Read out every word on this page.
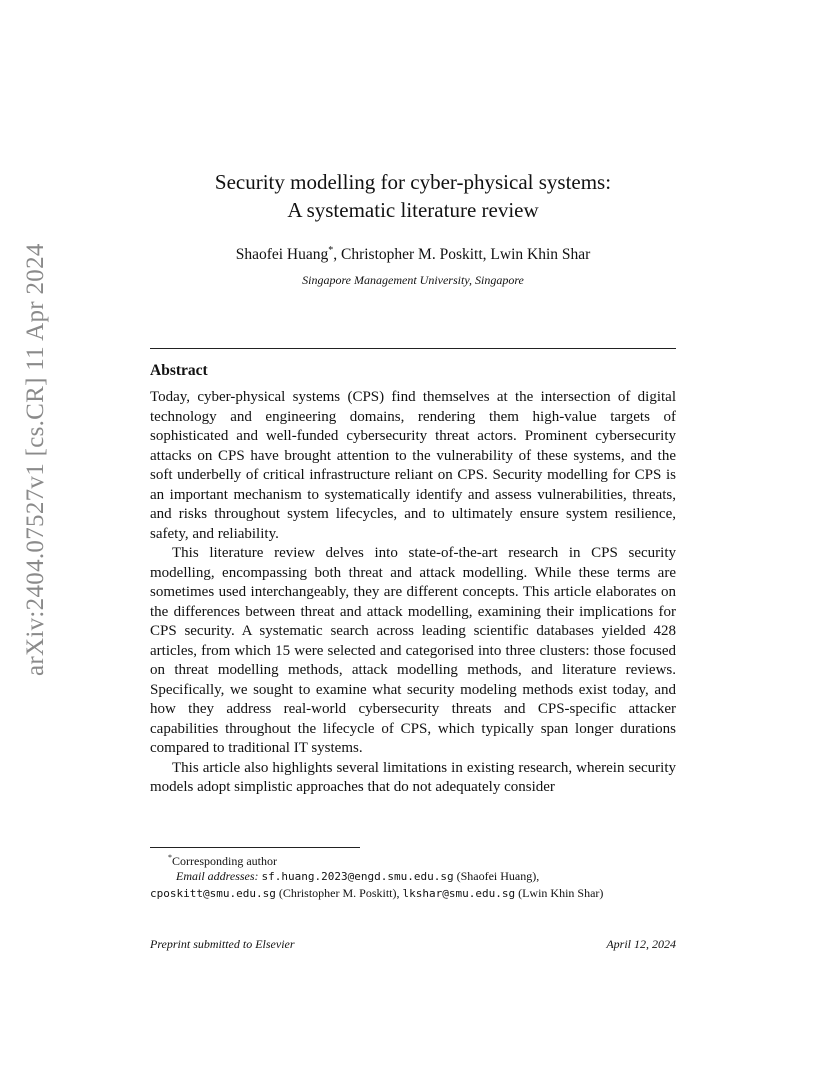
arXiv:2404.07527v1 [cs.CR] 11 Apr 2024
Security modelling for cyber-physical systems:
A systematic literature review
Shaofei Huang*, Christopher M. Poskitt, Lwin Khin Shar
Singapore Management University, Singapore
Abstract

Today, cyber-physical systems (CPS) find themselves at the intersection of digital technology and engineering domains, rendering them high-value targets of sophisticated and well-funded cybersecurity threat actors. Prominent cybersecurity attacks on CPS have brought attention to the vulnerability of these systems, and the soft underbelly of critical infrastructure reliant on CPS. Security modelling for CPS is an important mechanism to systematically identify and assess vulnerabilities, threats, and risks throughout system lifecycles, and to ultimately ensure system resilience, safety, and reliability.

This literature review delves into state-of-the-art research in CPS security modelling, encompassing both threat and attack modelling. While these terms are sometimes used interchangeably, they are different concepts. This article elaborates on the differences between threat and attack modelling, examining their implications for CPS security. A systematic search across leading scientific databases yielded 428 articles, from which 15 were selected and categorised into three clusters: those focused on threat modelling methods, attack modelling methods, and literature reviews. Specifically, we sought to examine what security modeling methods exist today, and how they address real-world cybersecurity threats and CPS-specific attacker capabilities throughout the lifecycle of CPS, which typically span longer durations compared to traditional IT systems.

This article also highlights several limitations in existing research, wherein security models adopt simplistic approaches that do not adequately consider

*Corresponding author
Email addresses: sf.huang.2023@engd.smu.edu.sg (Shaofei Huang),
cposkitt@smu.edu.sg (Christopher M. Poskitt), lkshar@smu.edu.sg (Lwin Khin Shar)
Preprint submitted to Elsevier	April 12, 2024
